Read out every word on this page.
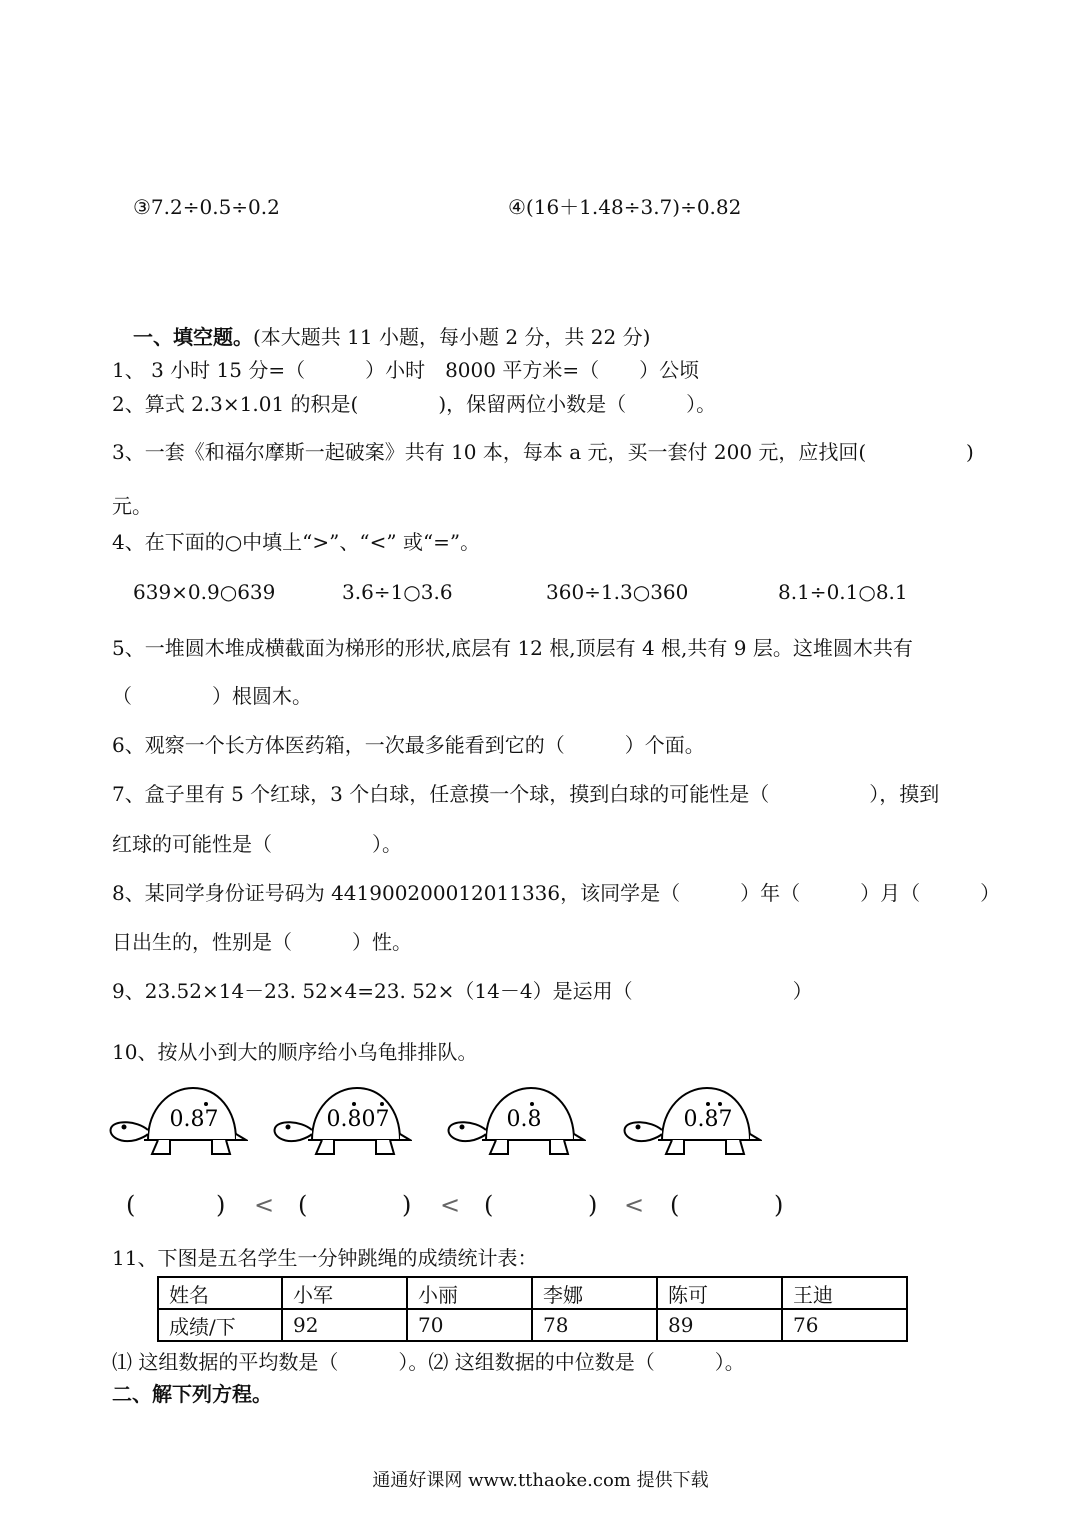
③7.2÷0.5÷0.2	④(16＋1.48÷3.7)÷0.82
一、填空题。(本大题共 11 小题，每小题 2 分，共 22 分)
1、 3 小时 15 分=（　　　）小时　8000 平方米=（　　）公顷
2、算式 2.3×1.01 的积是(　　　　)，保留两位小数是（　　　）。
3、一套《和福尔摩斯一起破案》共有 10 本，每本 a 元，买一套付 200 元，应找回(	)
元。
4、在下面的○中填上“>”、“<” 或“=”。
639×0.9○639	3.6÷1○3.6	360÷1.3○360	8.1÷0.1○8.1
5、一堆圆木堆成横截面为梯形的形状,底层有 12 根,顶层有 4 根,共有 9 层。这堆圆木共有
（　　　　）根圆木。
6、观察一个长方体医药箱，一次最多能看到它的（　　　）个面。
7、盒子里有 5 个红球，3 个白球，任意摸一个球，摸到白球的可能性是（　　　　　），摸到
红球的可能性是（　　　　　）。
8、某同学身份证号码为 441900200012011336，该同学是（　　　）年（　　　）月（　　　）
日出生的，性别是（　　　）性。
9、23.52×14－23. 52×4=23. 52×（14－4）是运用（　　　　　　　　）
10、按从小到大的顺序给小乌龟排排队。
0.87	0.807	0.8	0.87
(	) < (	) < (	) < (	)
11、下图是五名学生一分钟跳绳的成绩统计表：
姓名	小军	小丽	李娜	陈可	王迪
成绩/下	92	70	78	89	76
⑴ 这组数据的平均数是（　　　）。⑵ 这组数据的中位数是（　　　）。
二、解下列方程。
通通好课网 www.tthaoke.com 提供下载
